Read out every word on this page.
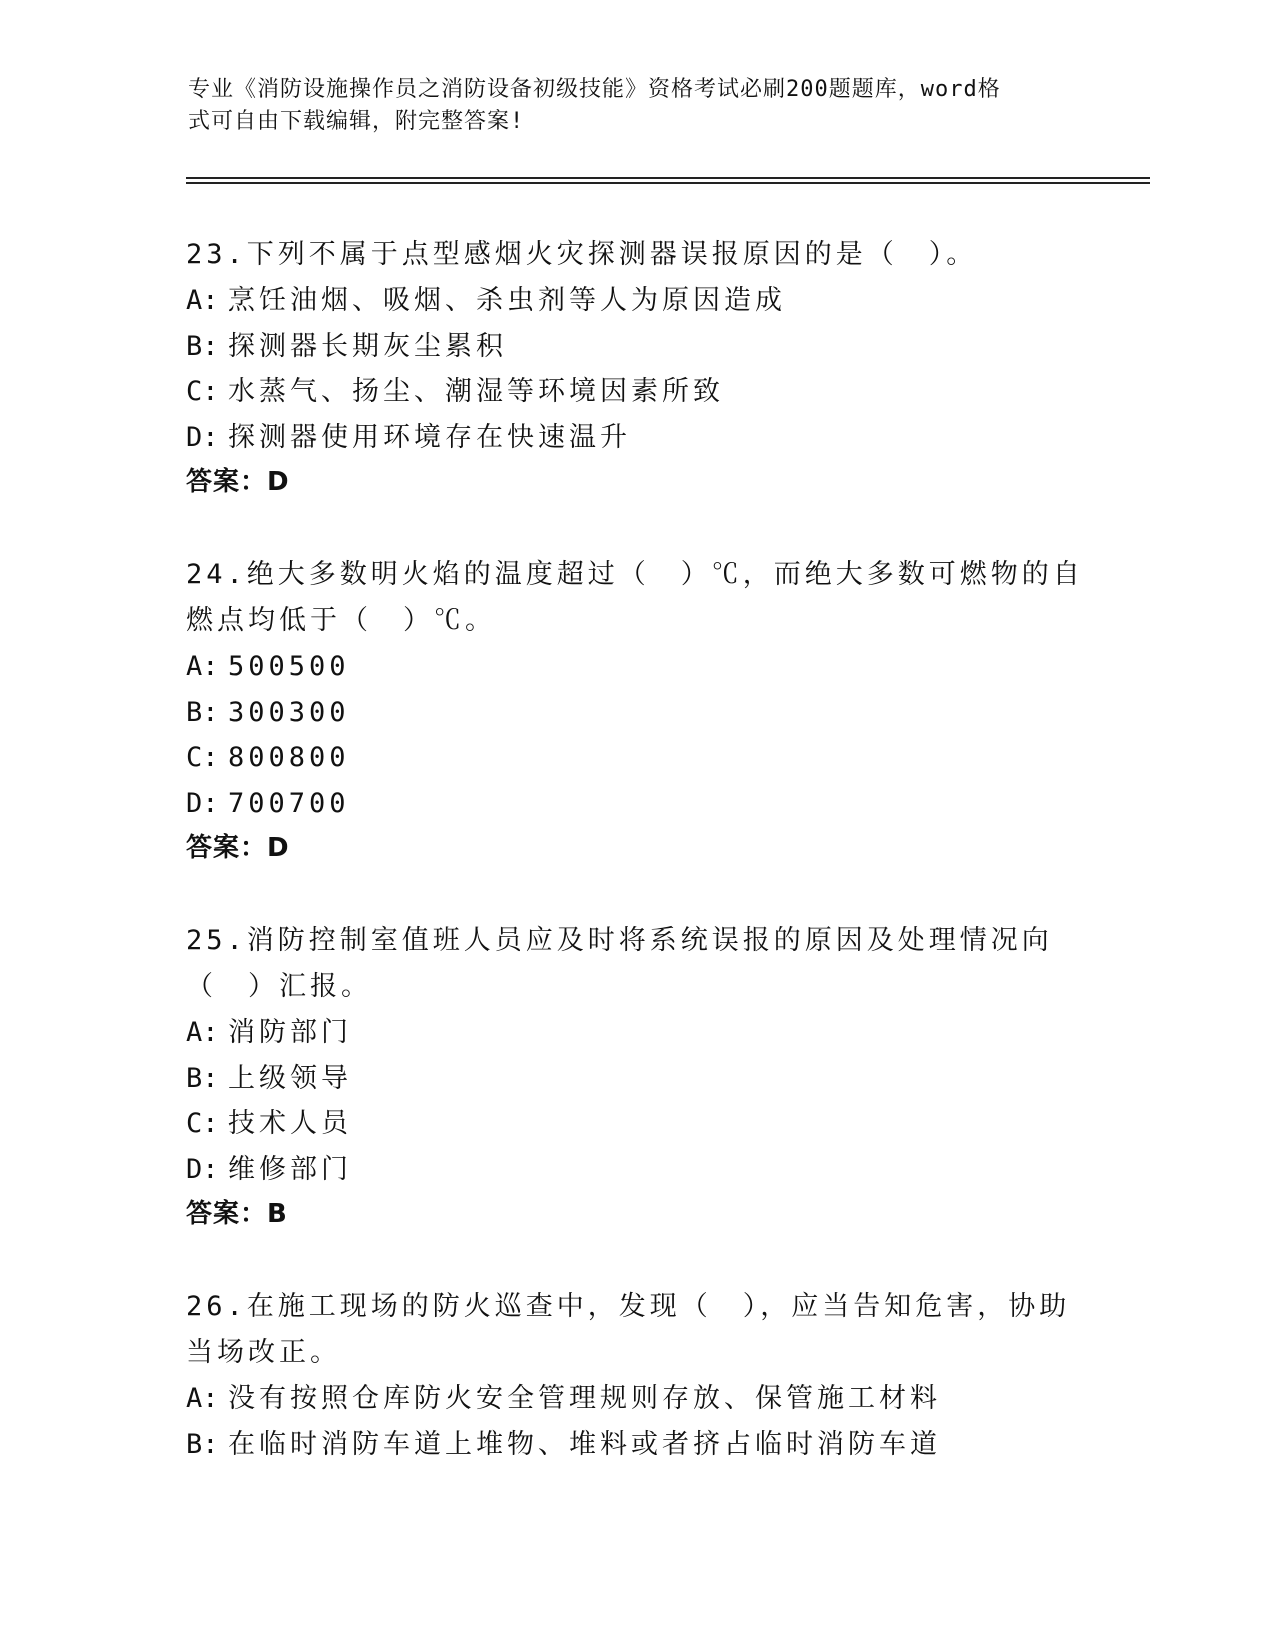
专业《消防设施操作员之消防设备初级技能》资格考试必刷200题题库，word格
式可自由下载编辑，附完整答案!
23.下列不属于点型感烟火灾探测器误报原因的是（　）。
A: 烹饪油烟、吸烟、杀虫剂等人为原因造成
B: 探测器长期灰尘累积
C: 水蒸气、扬尘、潮湿等环境因素所致
D: 探测器使用环境存在快速温升
答案：D
24.绝大多数明火焰的温度超过（　）℃，而绝大多数可燃物的自燃点均低于（　）℃。
A: 500500
B: 300300
C: 800800
D: 700700
答案：D
25.消防控制室值班人员应及时将系统误报的原因及处理情况向（　）汇报。
A: 消防部门
B: 上级领导
C: 技术人员
D: 维修部门
答案：B
26.在施工现场的防火巡查中，发现（　），应当告知危害，协助当场改正。
A: 没有按照仓库防火安全管理规则存放、保管施工材料
B: 在临时消防车道上堆物、堆料或者挤占临时消防车道
